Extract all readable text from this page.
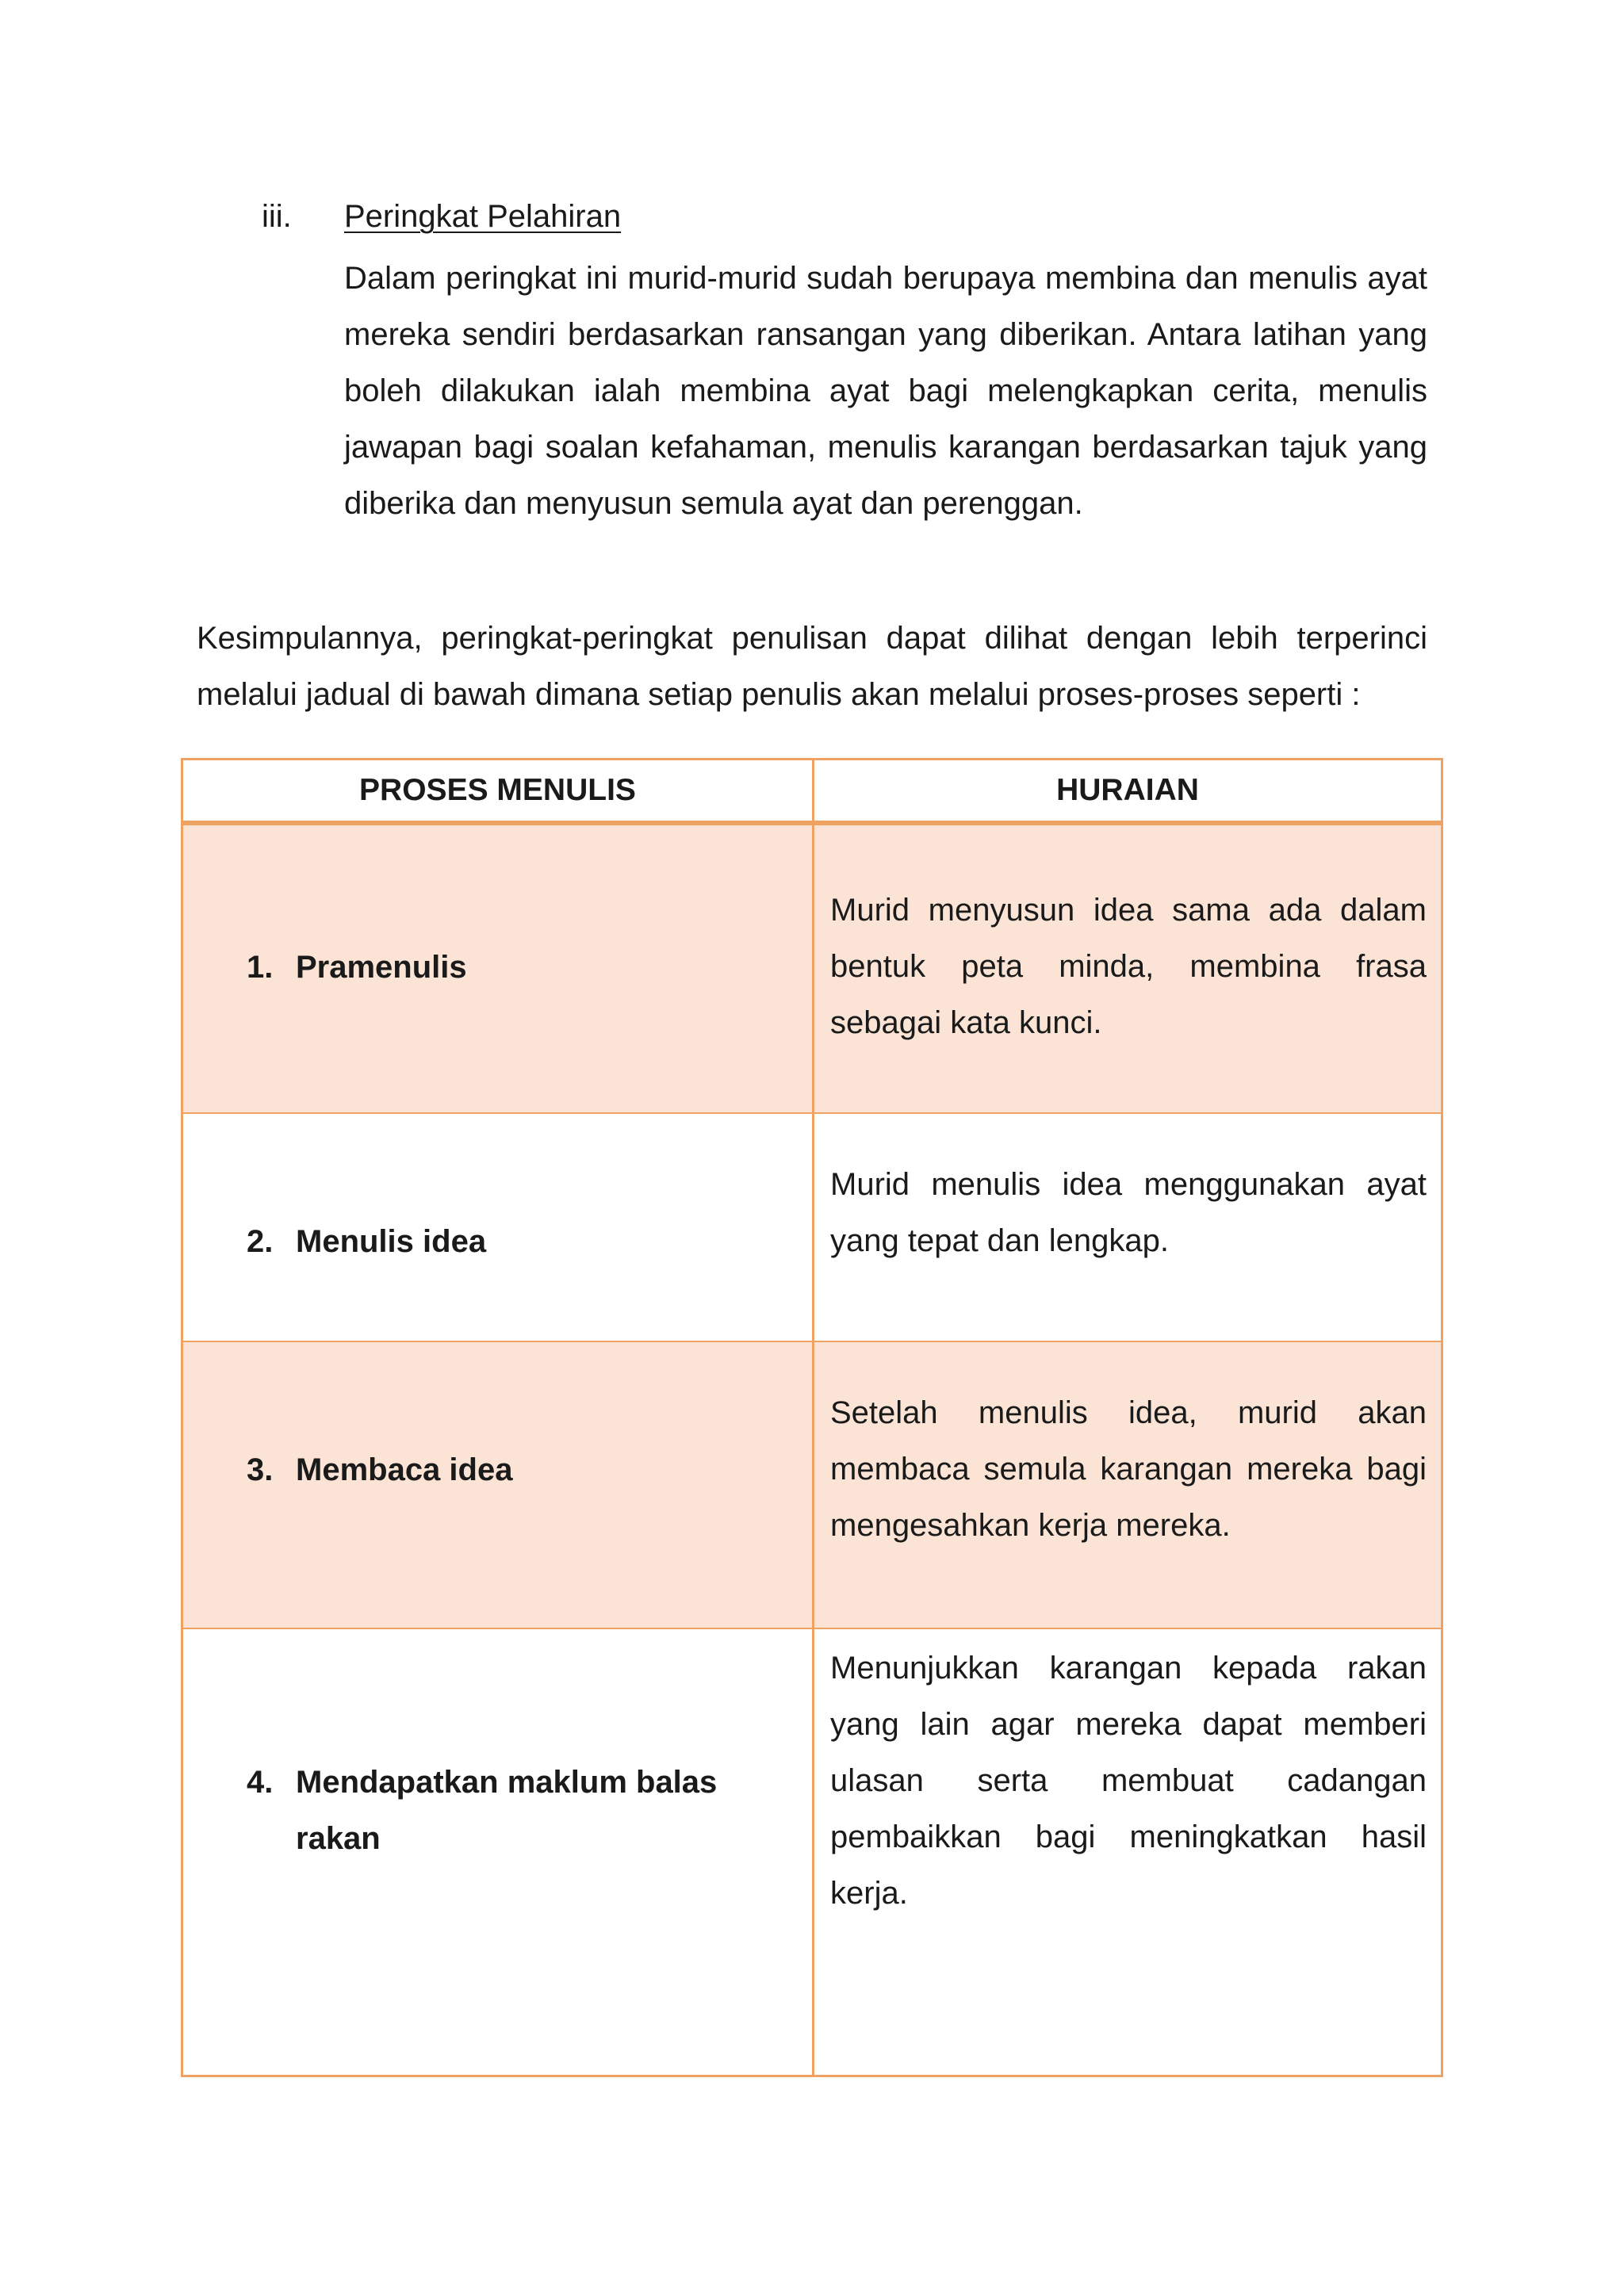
iii. Peringkat Pelahiran

Dalam peringkat ini murid-murid sudah berupaya membina dan menulis ayat mereka sendiri berdasarkan ransangan yang diberikan. Antara latihan yang boleh dilakukan ialah membina ayat bagi melengkapkan cerita, menulis jawapan bagi soalan kefahaman, menulis karangan berdasarkan tajuk yang diberika dan menyusun semula ayat dan perenggan.

Kesimpulannya, peringkat-peringkat penulisan dapat dilihat dengan lebih terperinci melalui jadual di bawah dimana setiap penulis akan melalui proses-proses seperti :

PROSES MENULIS	HURAIAN
1. Pramenulis

Murid menyusun idea sama ada dalam bentuk peta minda, membina frasa sebagai kata kunci.

2. Menulis idea

Murid menulis idea menggunakan ayat yang tepat dan lengkap.

3. Membaca idea

Setelah menulis idea, murid akan membaca semula karangan mereka bagi mengesahkan kerja mereka.

4. Mendapatkan maklum balas rakan

Menunjukkan karangan kepada rakan yang lain agar mereka dapat memberi ulasan serta membuat cadangan pembaikkan bagi meningkatkan hasil kerja.
